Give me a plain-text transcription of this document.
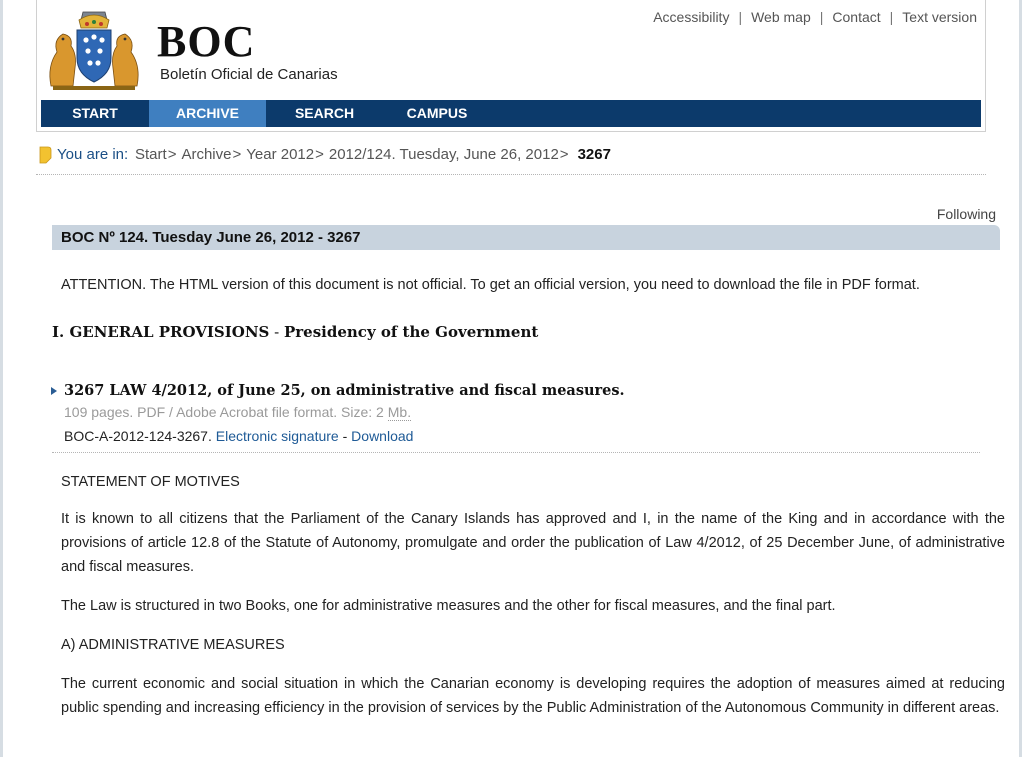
BOC
Boletín Oficial de Canarias
Accessibility | Web map | Contact | Text version
START	ARCHIVE	SEARCH	CAMPUS
You are in: Start> Archive> Year 2012> 2012/124. Tuesday, June 26, 2012> 3267
Following
BOC Nº 124. Tuesday June 26, 2012 - 3267
ATTENTION. The HTML version of this document is not official. To get an official version, you need to download the file in PDF format.
I. GENERAL PROVISIONS - Presidency of the Government
3267 LAW 4/2012, of June 25, on administrative and fiscal measures.
109 pages. PDF / Adobe Acrobat file format. Size: 2 Mb.
BOC-A-2012-124-3267. Electronic signature - Download
STATEMENT OF MOTIVES
It is known to all citizens that the Parliament of the Canary Islands has approved and I, in the name of the King and in accordance with the provisions of article 12.8 of the Statute of Autonomy, promulgate and order the publication of Law 4/2012, of 25 December June, of administrative and fiscal measures.
The Law is structured in two Books, one for administrative measures and the other for fiscal measures, and the final part.
A) ADMINISTRATIVE MEASURES
The current economic and social situation in which the Canarian economy is developing requires the adoption of measures aimed at reducing public spending and increasing efficiency in the provision of services by the Public Administration of the Autonomous Community in different areas.
